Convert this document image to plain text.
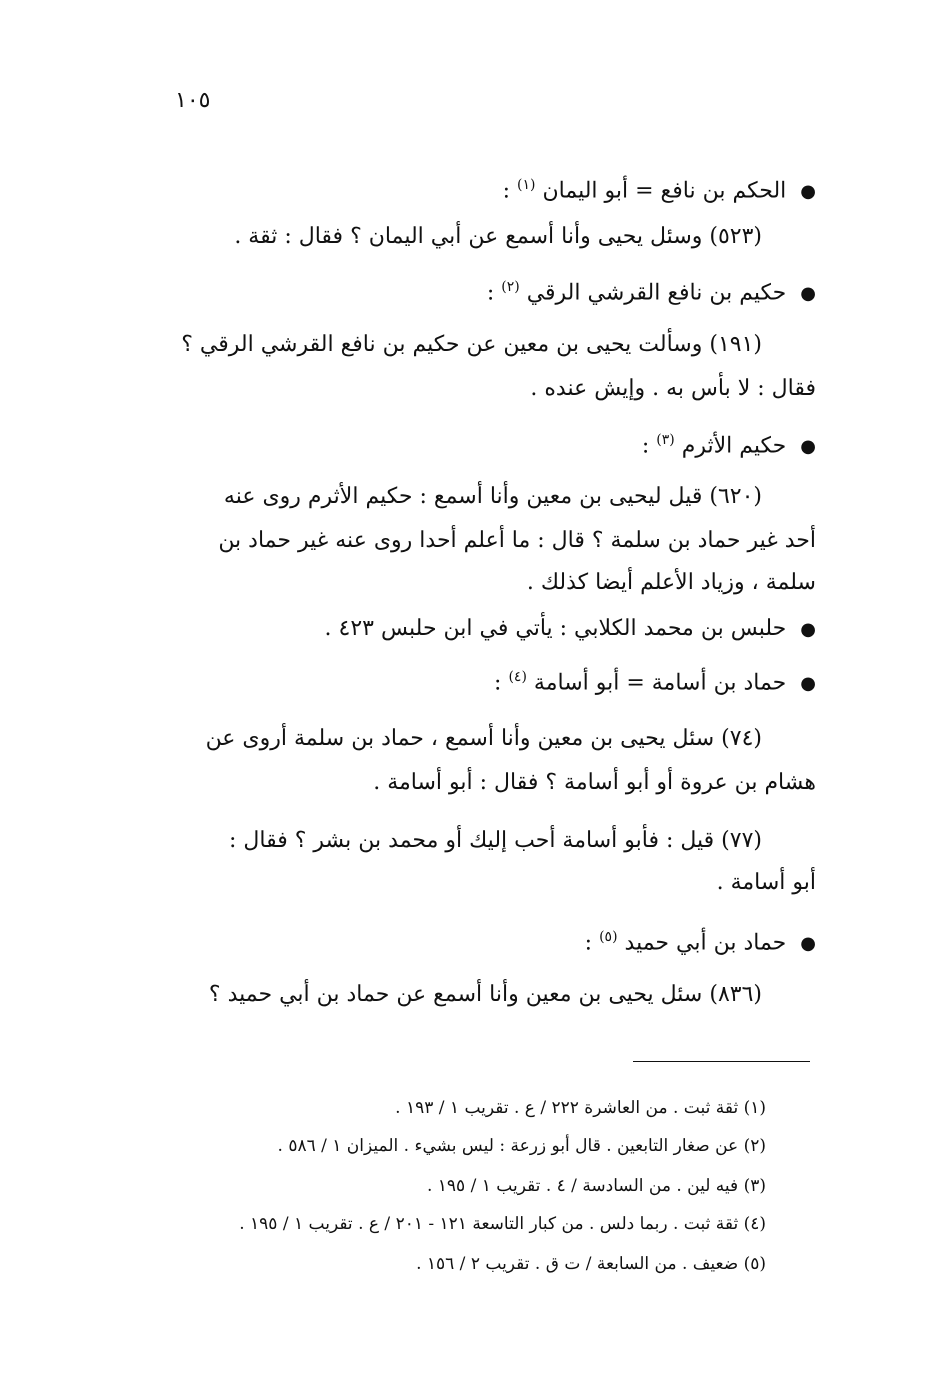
١٠٥
●الحكم بن نافع = أبو اليمان $^{(١)}$ :
(٥٢٣) وسئل يحيى وأنا أسمع عن أبي اليمان ؟ فقال : ثقة .
●حكيم بن نافع القرشي الرقي $^{(٢)}$ :
(١٩١) وسألت يحيى بن معين عن حكيم بن نافع القرشي الرقي ؟
فقال : لا بأس به . وإيش عنده .
●حكيم الأثرم $^{(٣)}$ :
(٦٢٠) قيل ليحيى بن معين وأنا أسمع : حكيم الأثرم روى عنه
أحد غير حماد بن سلمة ؟ قال : ما أعلم أحدا روى عنه غير حماد بن
سلمة ، وزياد الأعلم أيضا كذلك .
●حلبس بن محمد الكلابي : يأتي في ابن حلبس ٤٢٣ .
●حماد بن أسامة = أبو أسامة $^{(٤)}$ :
(٧٤) سئل يحيى بن معين وأنا أسمع ، حماد بن سلمة أروى عن
هشام بن عروة أو أبو أسامة ؟ فقال : أبو أسامة .
(٧٧) قيل : فأبو أسامة أحب إليك أو محمد بن بشر ؟ فقال :
أبو أسامة .
●حماد بن أبي حميد $^{(٥)}$ :
(٨٣٦) سئل يحيى بن معين وأنا أسمع عن حماد بن أبي حميد ؟
(١) ثقة ثبت . من العاشرة ٢٢٢ / ع . تقريب ١ / ١٩٣ .
(٢) عن صغار التابعين . قال أبو زرعة : ليس بشيء . الميزان ١ / ٥٨٦ .
(٣) فيه لين . من السادسة / ٤ . تقريب ١ / ١٩٥ .
(٤) ثقة ثبت . ربما دلس . من كبار التاسعة ١٢١ - ٢٠١ / ع . تقريب ١ / ١٩٥ .
(٥) ضعيف . من السابعة / ت ق . تقريب ٢ / ١٥٦ .
